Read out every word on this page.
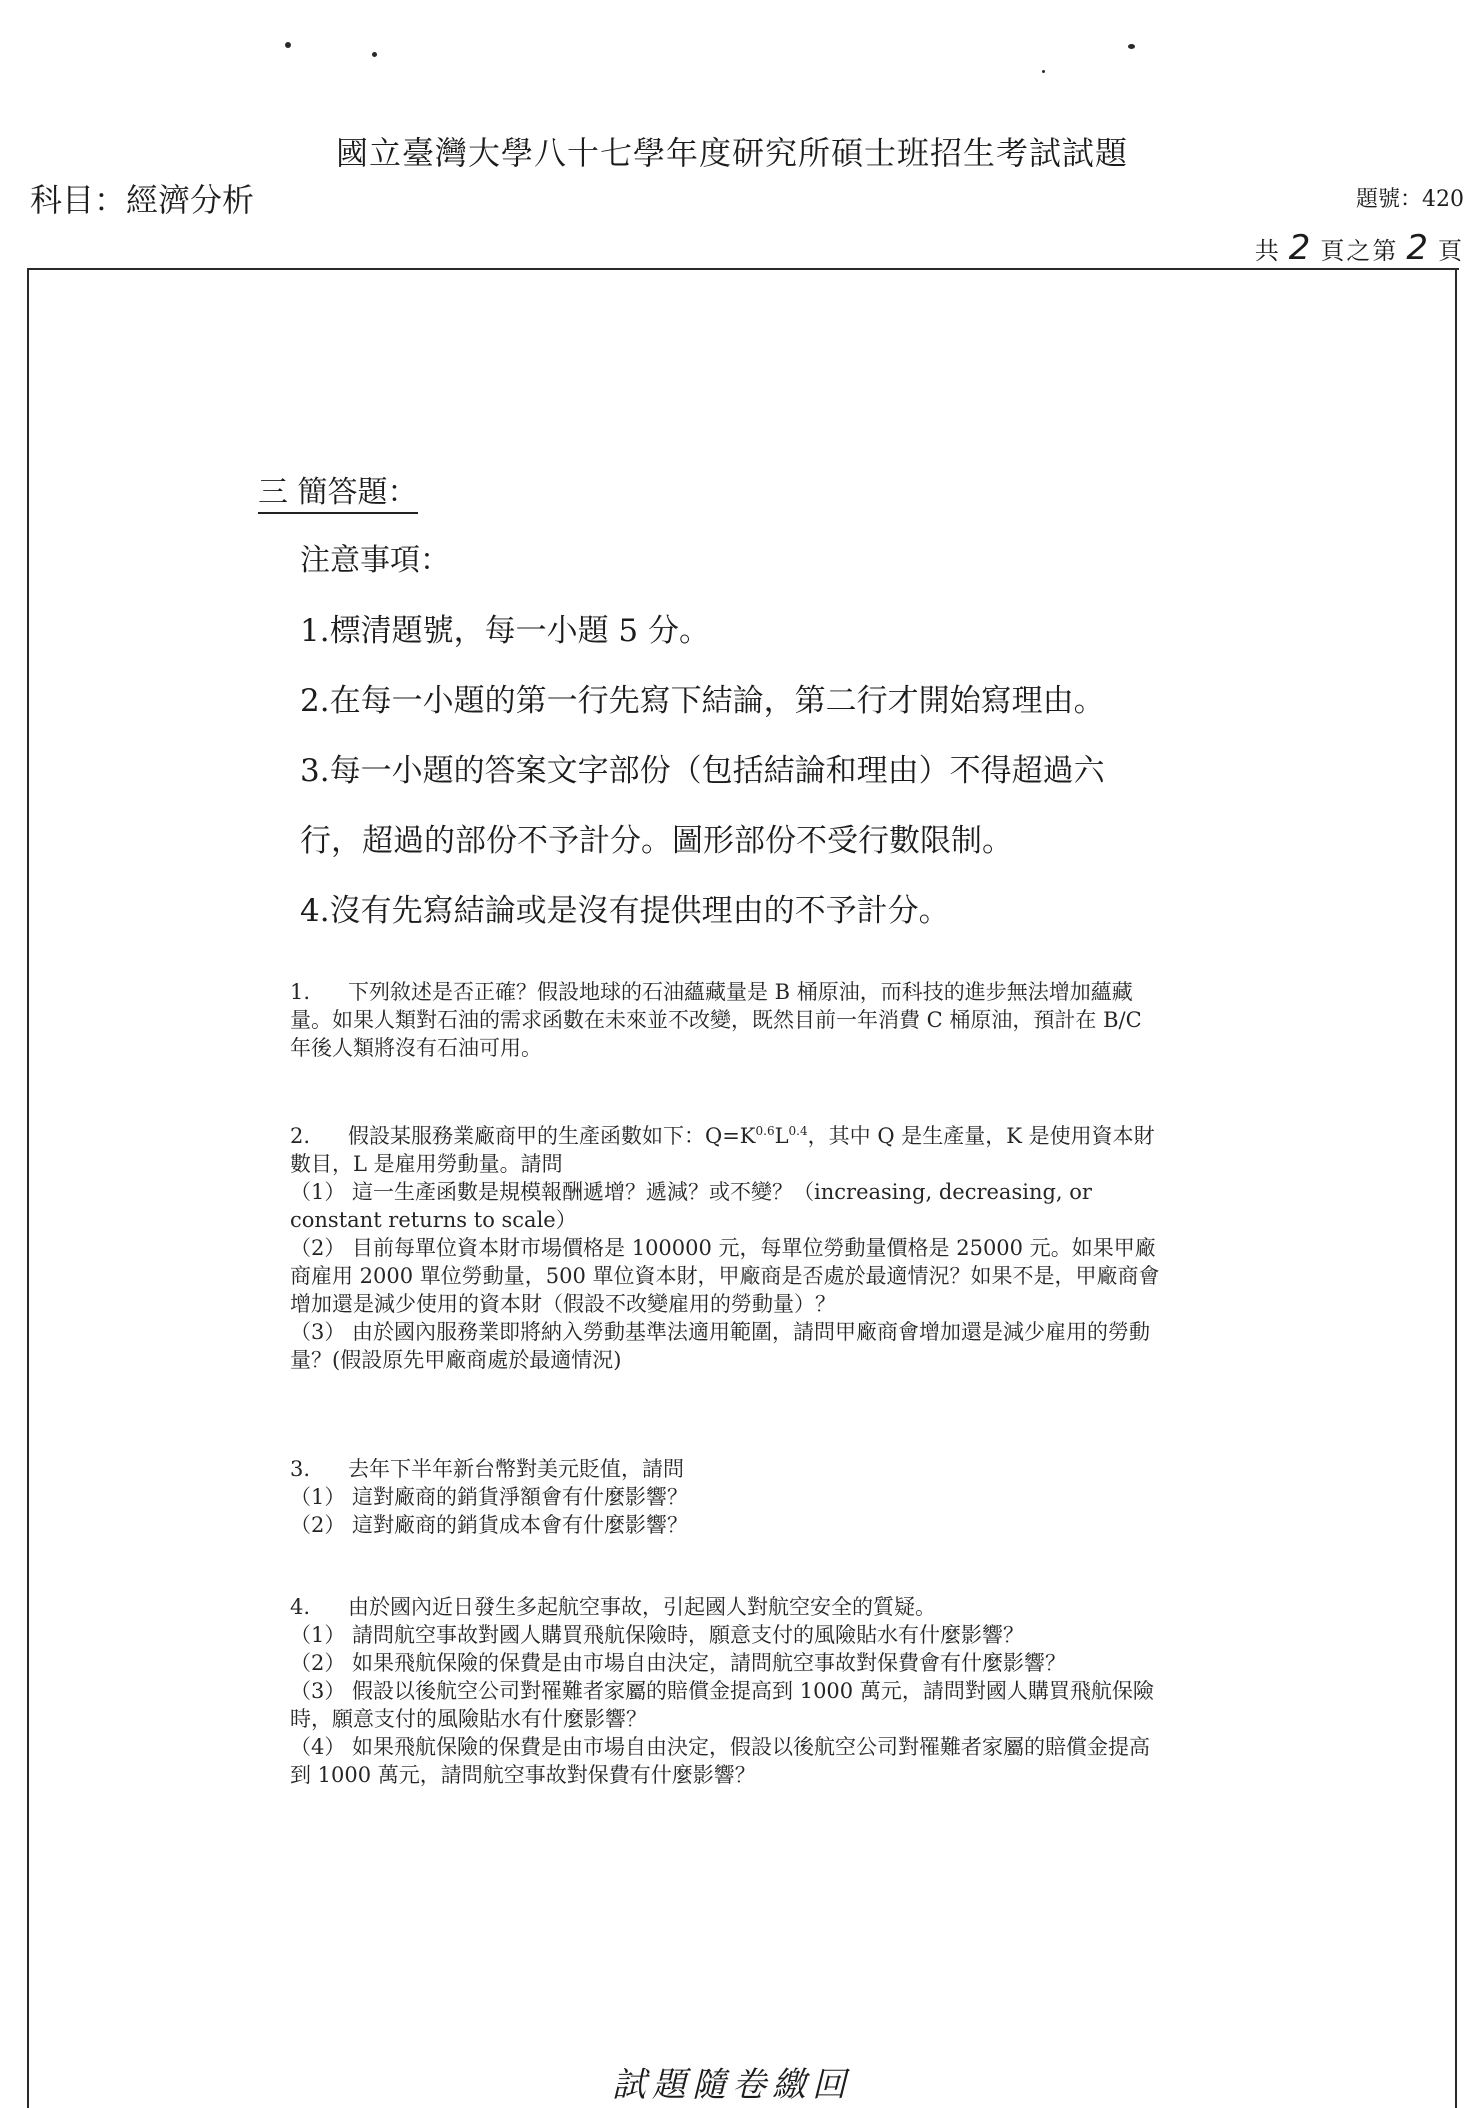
國立臺灣大學八十七學年度研究所碩士班招生考試試題
科目：經濟分析	題號：420
共 2 頁之第 2 頁
三 簡答題：
注意事項：
1.標清題號，每一小題 5 分。
2.在每一小題的第一行先寫下結論，第二行才開始寫理由。
3.每一小題的答案文字部份（包括結論和理由）不得超過六
行，超過的部份不予計分。圖形部份不受行數限制。
4.沒有先寫結論或是沒有提供理由的不予計分。

1. 下列敘述是否正確？假設地球的石油蘊藏量是 B 桶原油，而科技的進步無法增加蘊藏量。如果人類對石油的需求函數在未來並不改變，既然目前一年消費 C 桶原油，預計在 B/C 年後人類將沒有石油可用。

2. 假設某服務業廠商甲的生產函數如下：$Q=K^{0.6}L^{0.4}$，其中 Q 是生產量，K 是使用資本財數目，L 是雇用勞動量。請問

（1） 這一生產函數是規模報酬遞增？遞減？或不變？（increasing, decreasing, or constant returns to scale）

（2） 目前每單位資本財市場價格是 100000 元，每單位勞動量價格是 25000 元。如果甲廠商雇用 2000 單位勞動量，500 單位資本財，甲廠商是否處於最適情況？如果不是，甲廠商會增加還是減少使用的資本財（假設不改變雇用的勞動量）？

（3） 由於國內服務業即將納入勞動基準法適用範圍，請問甲廠商會增加還是減少雇用的勞動量？(假設原先甲廠商處於最適情況)

3. 去年下半年新台幣對美元貶值，請問

（1） 這對廠商的銷貨淨額會有什麼影響？

（2） 這對廠商的銷貨成本會有什麼影響？

4. 由於國內近日發生多起航空事故，引起國人對航空安全的質疑。

（1） 請問航空事故對國人購買飛航保險時，願意支付的風險貼水有什麼影響？

（2） 如果飛航保險的保費是由市場自由決定，請問航空事故對保費會有什麼影響？

（3） 假設以後航空公司對罹難者家屬的賠償金提高到 1000 萬元，請問對國人購買飛航保險時，願意支付的風險貼水有什麼影響？

（4） 如果飛航保險的保費是由市場自由決定，假設以後航空公司對罹難者家屬的賠償金提高到 1000 萬元，請問航空事故對保費有什麼影響？

試題隨卷繳回
